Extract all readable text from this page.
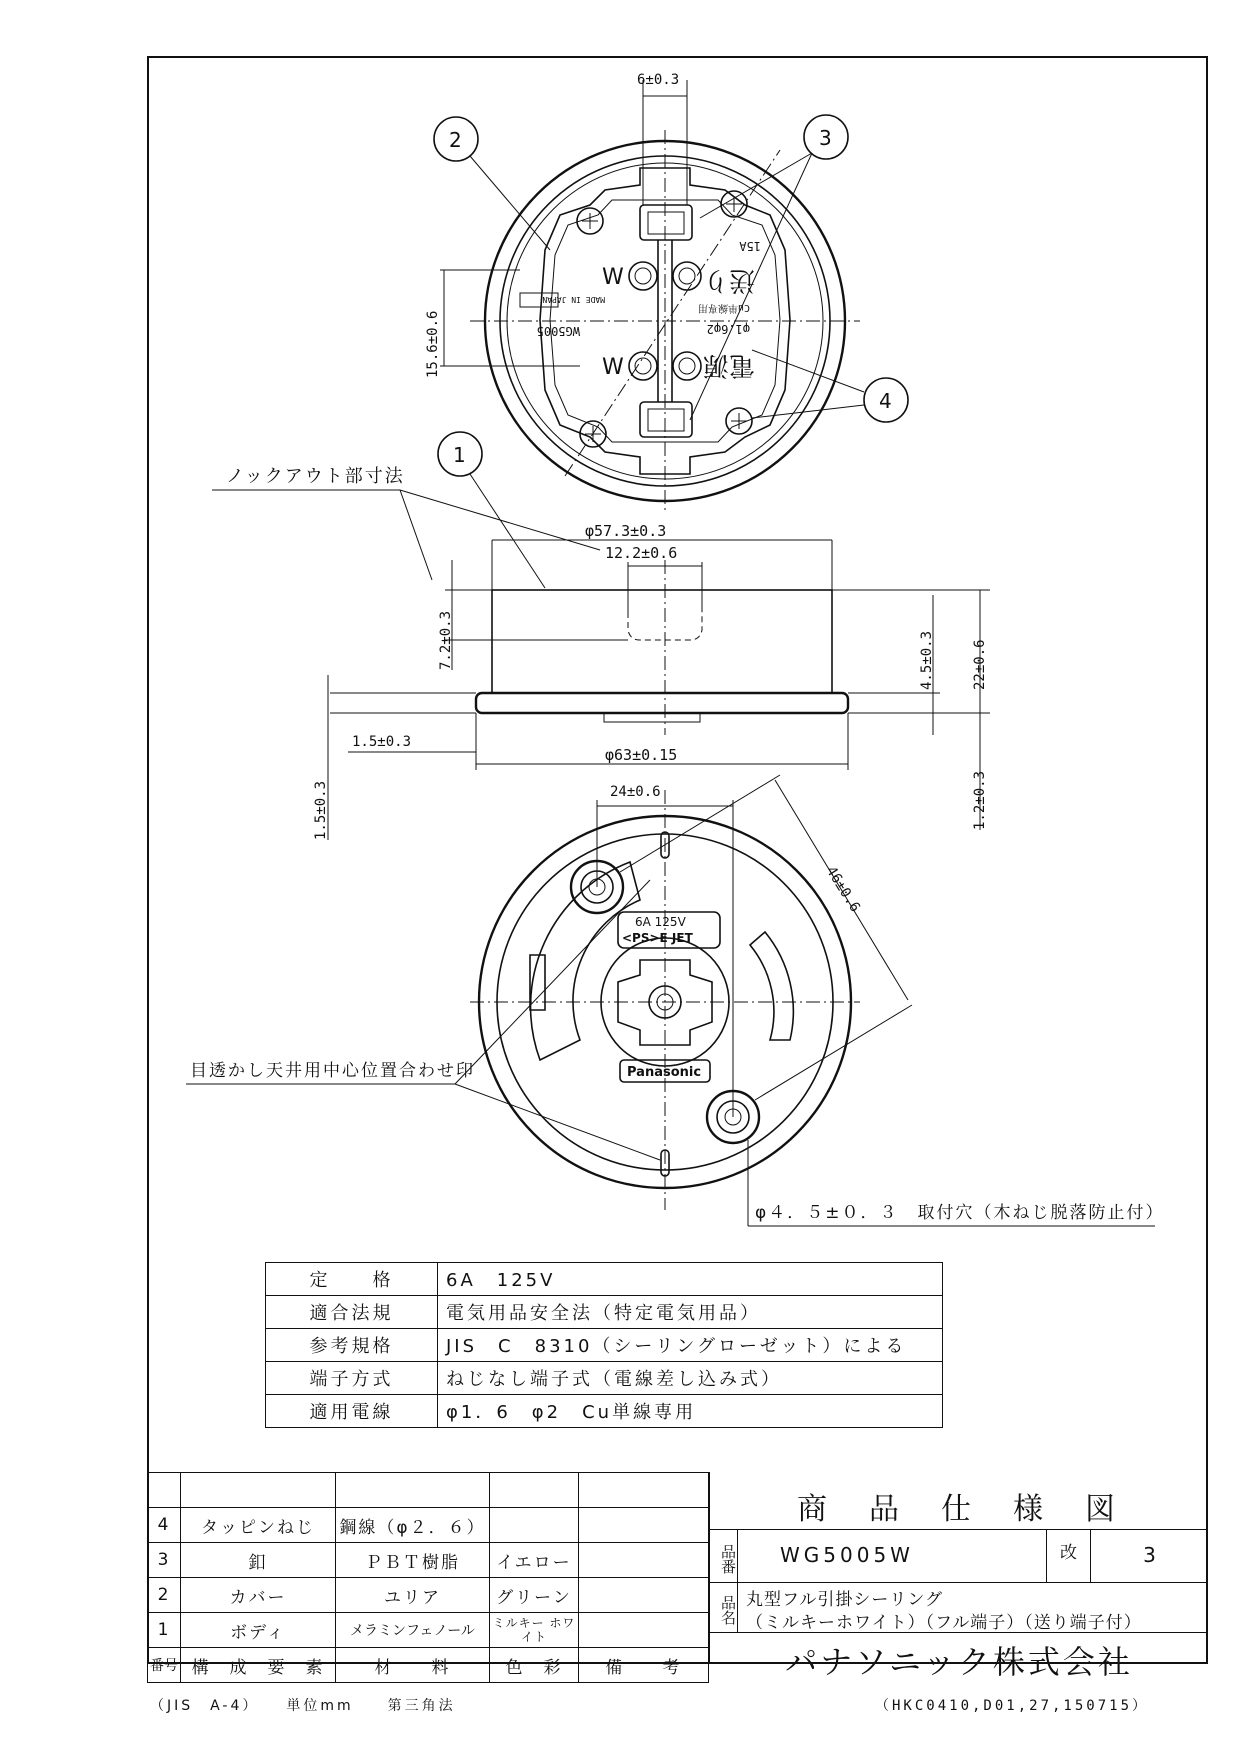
W
W
送り
電源
15A
WG5005
MADE IN JAPAN
φ1.6φ2
Cu単線専用
6±0.3
15.6±0.6
2	3
4
1
ノックアウト部寸法
φ57.3±0.3
12.2±0.6
7.2±0.3	4.5±0.3	22±0.6
1.2±0.3
1.5±0.3
1.5±0.3
φ63±0.15
6A 125V
<PS>E JET
Panasonic
24±0.6
46±0.6
目透かし天井用中心位置合わせ印
φ４．５±０．３　取付穴（木ねじ脱落防止付）
（JIS　A-4）　　単位mm　　第三角法	（HKC0410,D01,27,150715）
定　　格	6A　125V
適合法規	電気用品安全法（特定電気用品）
参考規格	JIS　C　8310（シーリングローゼット）による
端子方式	ねじなし端子式（電線差し込み式）
適用電線	φ1．6　φ2　Cu単線専用

4	タッピンねじ	鋼線（φ２．６）		
3	釦	ＰＢＴ樹脂	イエロー	
2	カバー	ユリア	グリーン	
1	ボディ	メラミンフェノール	ミルキー ホワイト	
番号	構　成　要　素	材　　料	色　彩	備　　考
商　品　仕　様　図
品番 WG5005W	改	3
品名 丸型フル引掛シーリング
（ミルキーホワイト）（フル端子）（送り端子付）
パナソニック株式会社
